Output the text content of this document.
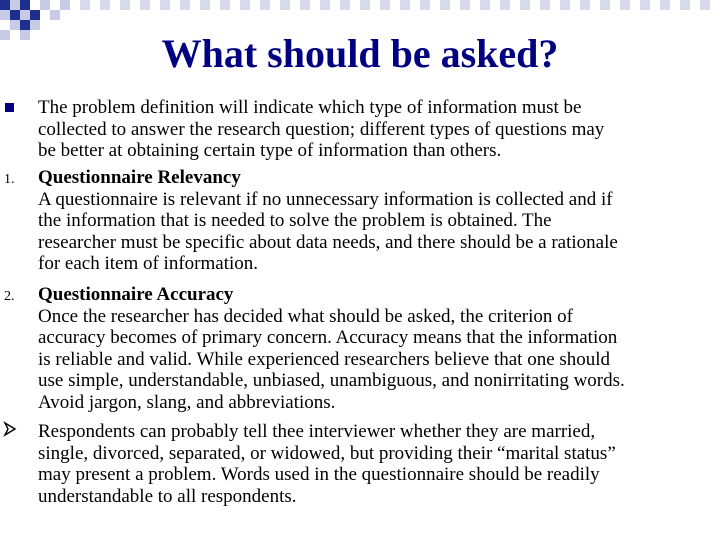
What should be asked?
The problem definition will indicate which type of information must be
collected to answer the research question; different types of questions may
be better at obtaining certain type of information than others.
1. Questionnaire Relevancy
A questionnaire is relevant if no unnecessary information is collected and if
the information that is needed to solve the problem is obtained. The
researcher must be specific about data needs, and there should be a rationale
for each item of information.
2. Questionnaire Accuracy
Once the researcher has decided what should be asked, the criterion of
accuracy becomes of primary concern. Accuracy means that the information
is reliable and valid. While experienced researchers believe that one should
use simple, understandable, unbiased, unambiguous, and nonirritating words.
Avoid jargon, slang, and abbreviations.
Respondents can probably tell thee interviewer whether they are married,
single, divorced, separated, or widowed, but providing their “marital status”
may present a problem. Words used in the questionnaire should be readily
understandable to all respondents.
